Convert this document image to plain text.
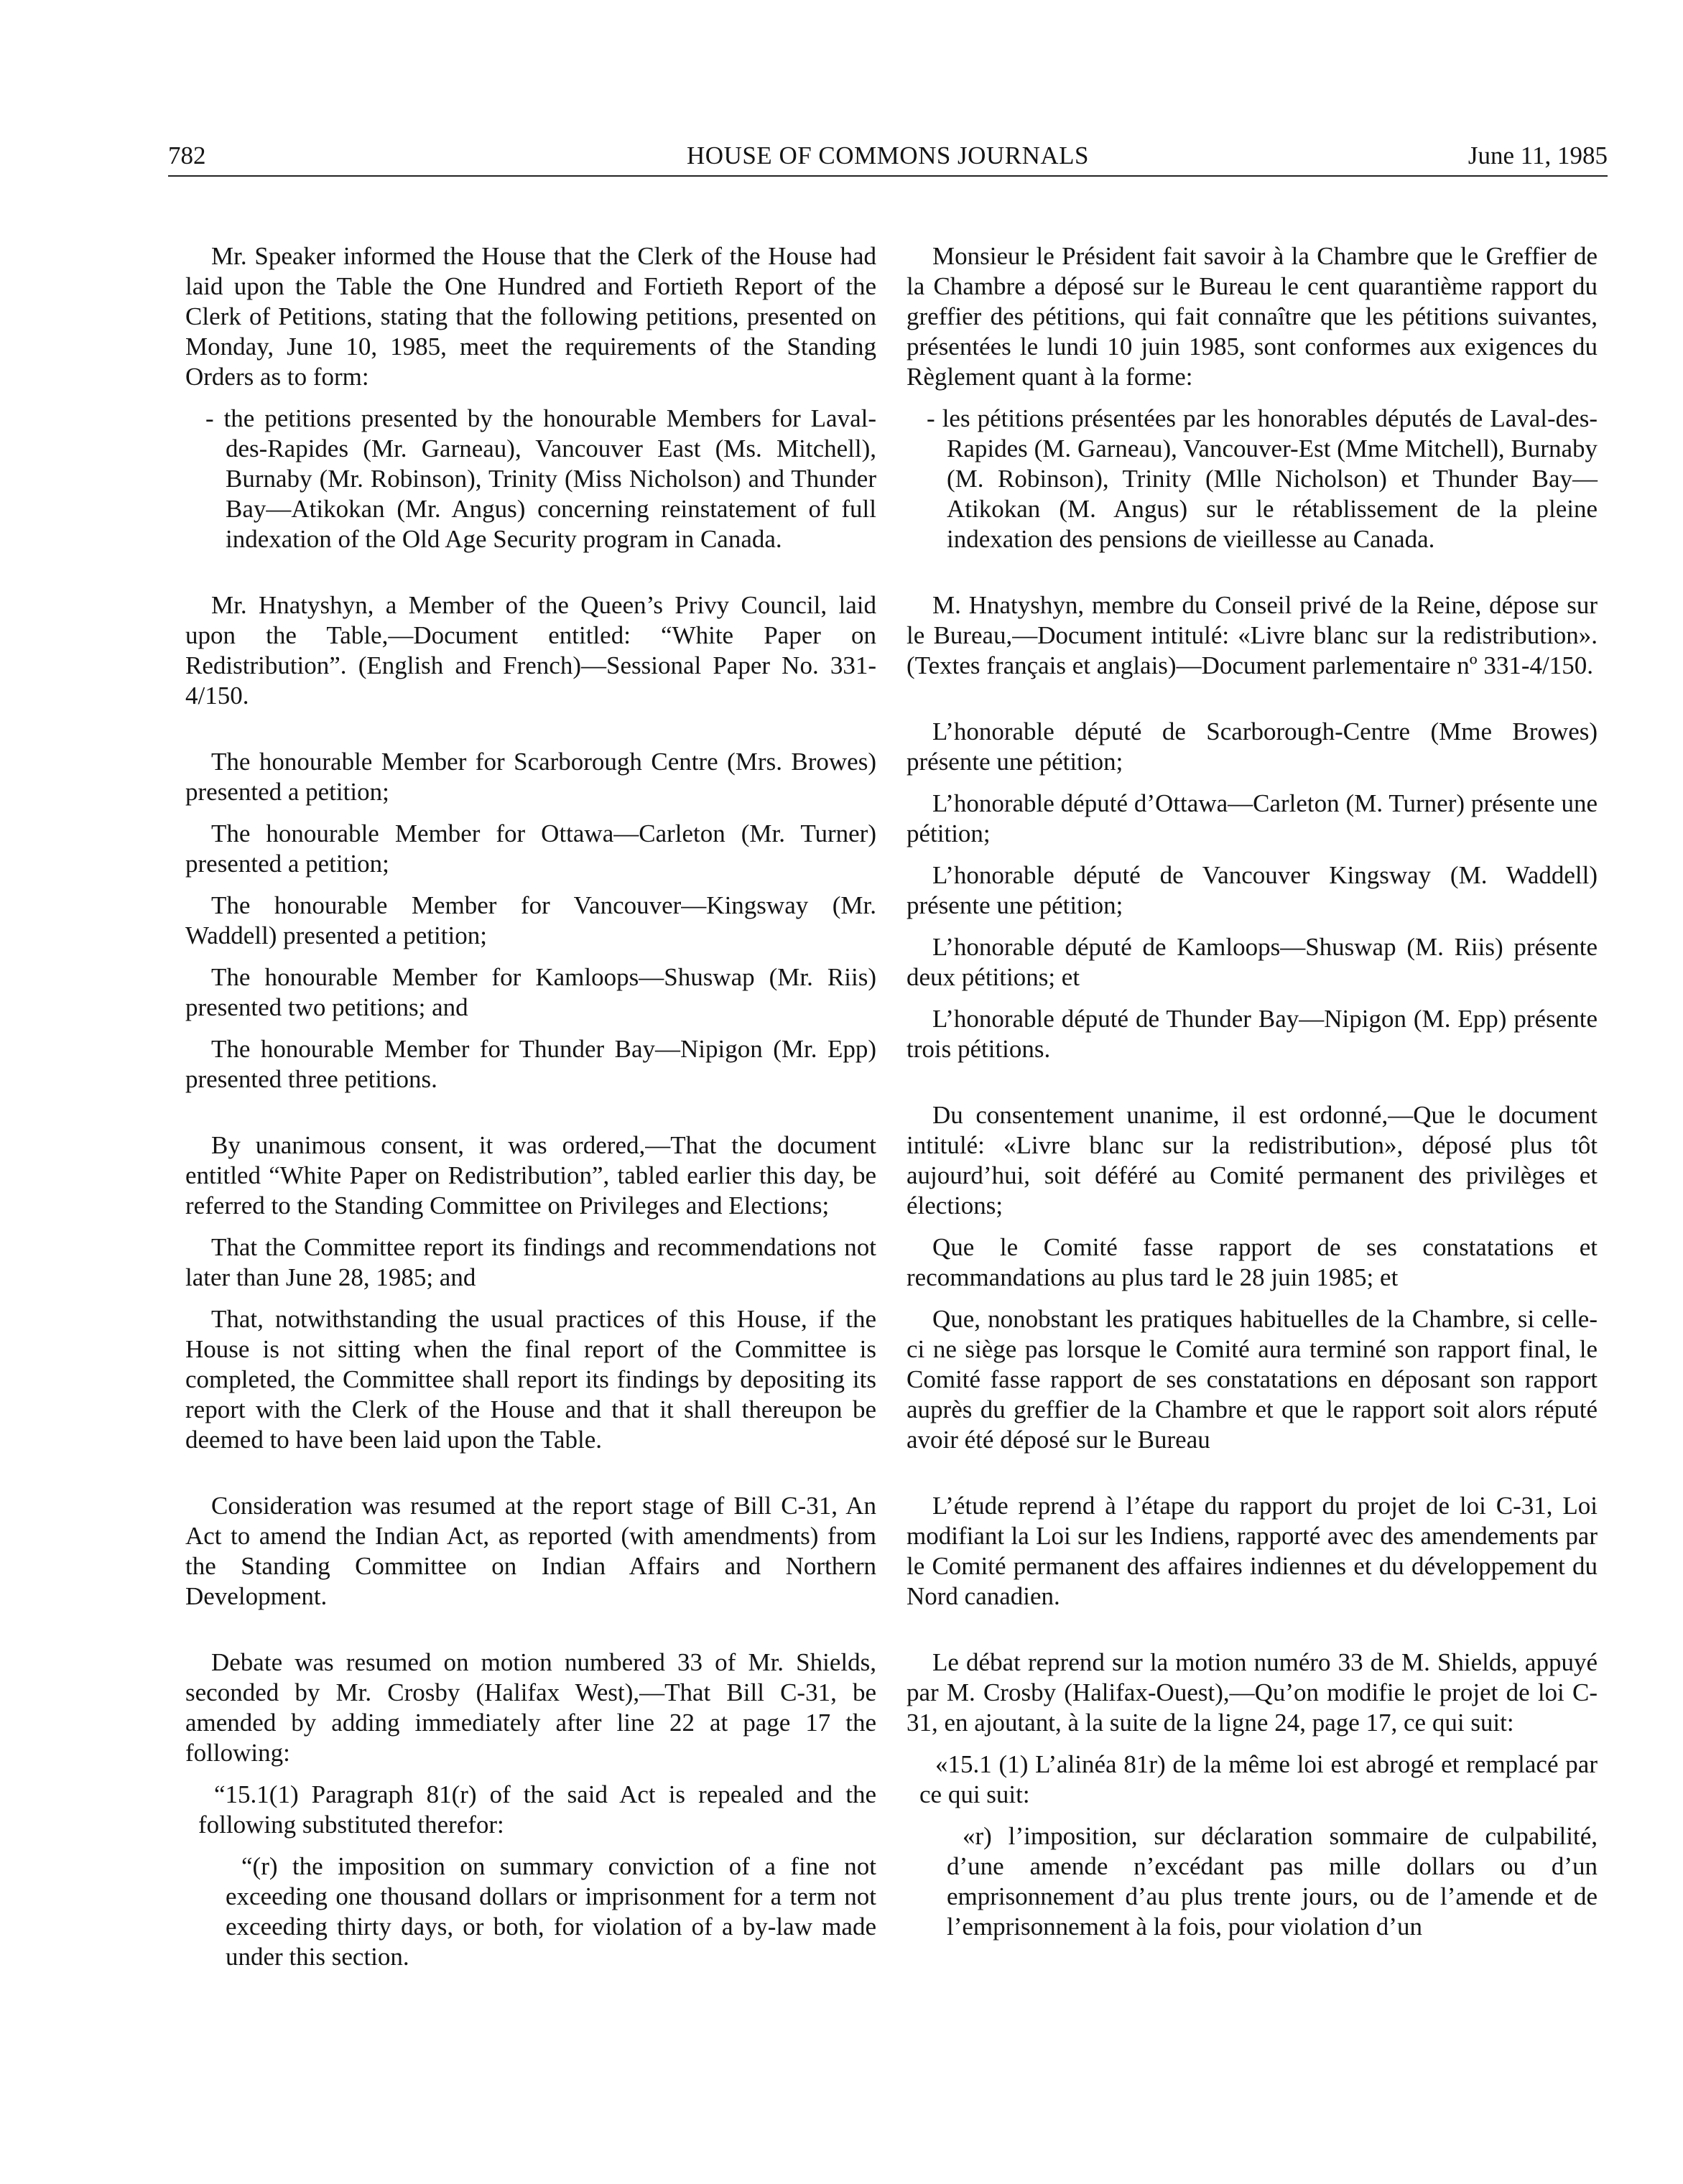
HOUSE OF COMMONS JOURNALS
782	June 11, 1985

Mr. Speaker informed the House that the Clerk of the House had laid upon the Table the One Hundred and Fortieth Report of the Clerk of Petitions, stating that the following petitions, presented on Monday, June 10, 1985, meet the requirements of the Standing Orders as to form:

- the petitions presented by the honourable Members for Laval-des-Rapides (Mr. Garneau), Vancouver East (Ms. Mitchell), Burnaby (Mr. Robinson), Trinity (Miss Nicholson) and Thunder Bay—Atikokan (Mr. Angus) concerning reinstatement of full indexation of the Old Age Security program in Canada.

Mr. Hnatyshyn, a Member of the Queen’s Privy Council, laid upon the Table,—Document entitled: “White Paper on Redistribution”. (English and French)—Sessional Paper No. 331-4/150.

The honourable Member for Scarborough Centre (Mrs. Browes) presented a petition;

The honourable Member for Ottawa—Carleton (Mr. Turner) presented a petition;

The honourable Member for Vancouver—Kingsway (Mr. Waddell) presented a petition;

The honourable Member for Kamloops—Shuswap (Mr. Riis) presented two petitions; and

The honourable Member for Thunder Bay—Nipigon (Mr. Epp) presented three petitions.

By unanimous consent, it was ordered,—That the document entitled “White Paper on Redistribution”, tabled earlier this day, be referred to the Standing Committee on Privileges and Elections;

That the Committee report its findings and recommendations not later than June 28, 1985; and

That, notwithstanding the usual practices of this House, if the House is not sitting when the final report of the Committee is completed, the Committee shall report its findings by depositing its report with the Clerk of the House and that it shall thereupon be deemed to have been laid upon the Table.

Consideration was resumed at the report stage of Bill C-31, An Act to amend the Indian Act, as reported (with amendments) from the Standing Committee on Indian Affairs and Northern Development.

Debate was resumed on motion numbered 33 of Mr. Shields, seconded by Mr. Crosby (Halifax West),—That Bill C-31, be amended by adding immediately after line 22 at page 17 the following:

“15.1(1) Paragraph 81(r) of the said Act is repealed and the following substituted therefor:

“(r) the imposition on summary conviction of a fine not exceeding one thousand dollars or imprisonment for a term not exceeding thirty days, or both, for violation of a by-law made under this section.

Monsieur le Président fait savoir à la Chambre que le Greffier de la Chambre a déposé sur le Bureau le cent quarantième rapport du greffier des pétitions, qui fait connaître que les pétitions suivantes, présentées le lundi 10 juin 1985, sont conformes aux exigences du Règlement quant à la forme:

- les pétitions présentées par les honorables députés de Laval-des-Rapides (M. Garneau), Vancouver-Est (Mme Mitchell), Burnaby (M. Robinson), Trinity (Mlle Nicholson) et Thunder Bay—Atikokan (M. Angus) sur le rétablissement de la pleine indexation des pensions de vieillesse au Canada.

M. Hnatyshyn, membre du Conseil privé de la Reine, dépose sur le Bureau,—Document intitulé: «Livre blanc sur la redistribution». (Textes français et anglais)—Document parlementaire nº 331-4/150.

L’honorable député de Scarborough-Centre (Mme Browes) présente une pétition;

L’honorable député d’Ottawa—Carleton (M. Turner) présente une pétition;

L’honorable député de Vancouver Kingsway (M. Waddell) présente une pétition;

L’honorable député de Kamloops—Shuswap (M. Riis) présente deux pétitions; et

L’honorable député de Thunder Bay—Nipigon (M. Epp) présente trois pétitions.

Du consentement unanime, il est ordonné,—Que le document intitulé: «Livre blanc sur la redistribution», déposé plus tôt aujourd’hui, soit déféré au Comité permanent des privilèges et élections;

Que le Comité fasse rapport de ses constatations et recommandations au plus tard le 28 juin 1985; et

Que, nonobstant les pratiques habituelles de la Chambre, si celle-ci ne siège pas lorsque le Comité aura terminé son rapport final, le Comité fasse rapport de ses constatations en déposant son rapport auprès du greffier de la Chambre et que le rapport soit alors réputé avoir été déposé sur le Bureau

L’étude reprend à l’étape du rapport du projet de loi C-31, Loi modifiant la Loi sur les Indiens, rapporté avec des amendements par le Comité permanent des affaires indiennes et du développement du Nord canadien.

Le débat reprend sur la motion numéro 33 de M. Shields, appuyé par M. Crosby (Halifax-Ouest),—Qu’on modifie le projet de loi C-31, en ajoutant, à la suite de la ligne 24, page 17, ce qui suit:

«15.1 (1) L’alinéa 81r) de la même loi est abrogé et remplacé par ce qui suit:

«r) l’imposition, sur déclaration sommaire de culpabilité, d’une amende n’excédant pas mille dollars ou d’un emprisonnement d’au plus trente jours, ou de l’amende et de l’emprisonnement à la fois, pour violation d’un
